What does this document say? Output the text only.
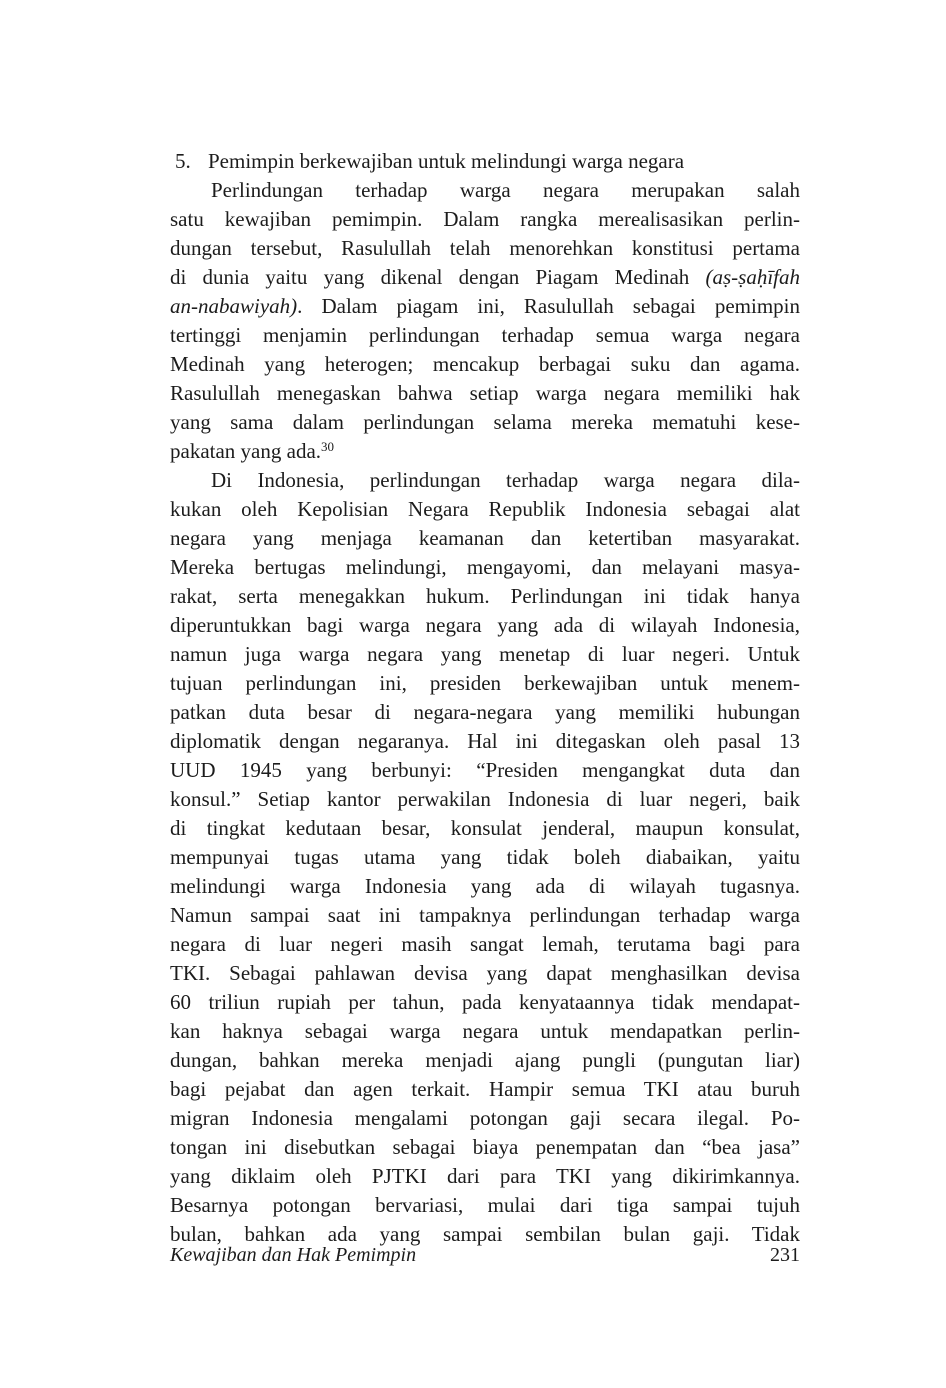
5. Pemimpin berkewajiban untuk melindungi warga negara
Perlindungan terhadap warga negara merupakan salah
satu kewajiban pemimpin. Dalam rangka merealisasikan perlin-
dungan tersebut, Rasulullah telah menorehkan konstitusi pertama
di dunia yaitu yang dikenal dengan Piagam Medinah (aṣ-ṣaḥīfah
an-nabawiyah). Dalam piagam ini, Rasulullah sebagai pemimpin
tertinggi menjamin perlindungan terhadap semua warga negara
Medinah yang heterogen; mencakup berbagai suku dan agama.
Rasulullah menegaskan bahwa setiap warga negara memiliki hak
yang sama dalam perlindungan selama mereka mematuhi kese-
pakatan yang ada.$^{30}$
Di Indonesia, perlindungan terhadap warga negara dila-
kukan oleh Kepolisian Negara Republik Indonesia sebagai alat
negara yang menjaga keamanan dan ketertiban masyarakat.
Mereka bertugas melindungi, mengayomi, dan melayani masya-
rakat, serta menegakkan hukum. Perlindungan ini tidak hanya
diperuntukkan bagi warga negara yang ada di wilayah Indonesia,
namun juga warga negara yang menetap di luar negeri. Untuk
tujuan perlindungan ini, presiden berkewajiban untuk menem-
patkan duta besar di negara-negara yang memiliki hubungan
diplomatik dengan negaranya. Hal ini ditegaskan oleh pasal 13
UUD 1945 yang berbunyi: “Presiden mengangkat duta dan
konsul.” Setiap kantor perwakilan Indonesia di luar negeri, baik
di tingkat kedutaan besar, konsulat jenderal, maupun konsulat,
mempunyai tugas utama yang tidak boleh diabaikan, yaitu
melindungi warga Indonesia yang ada di wilayah tugasnya.
Namun sampai saat ini tampaknya perlindungan terhadap warga
negara di luar negeri masih sangat lemah, terutama bagi para
TKI. Sebagai pahlawan devisa yang dapat menghasilkan devisa
60 triliun rupiah per tahun, pada kenyataannya tidak mendapat-
kan haknya sebagai warga negara untuk mendapatkan perlin-
dungan, bahkan mereka menjadi ajang pungli (pungutan liar)
bagi pejabat dan agen terkait. Hampir semua TKI atau buruh
migran Indonesia mengalami potongan gaji secara ilegal. Po-
tongan ini disebutkan sebagai biaya penempatan dan “bea jasa”
yang diklaim oleh PJTKI dari para TKI yang dikirimkannya.
Besarnya potongan bervariasi, mulai dari tiga sampai tujuh
bulan, bahkan ada yang sampai sembilan bulan gaji. Tidak
Kewajiban dan Hak Pemimpin	231
